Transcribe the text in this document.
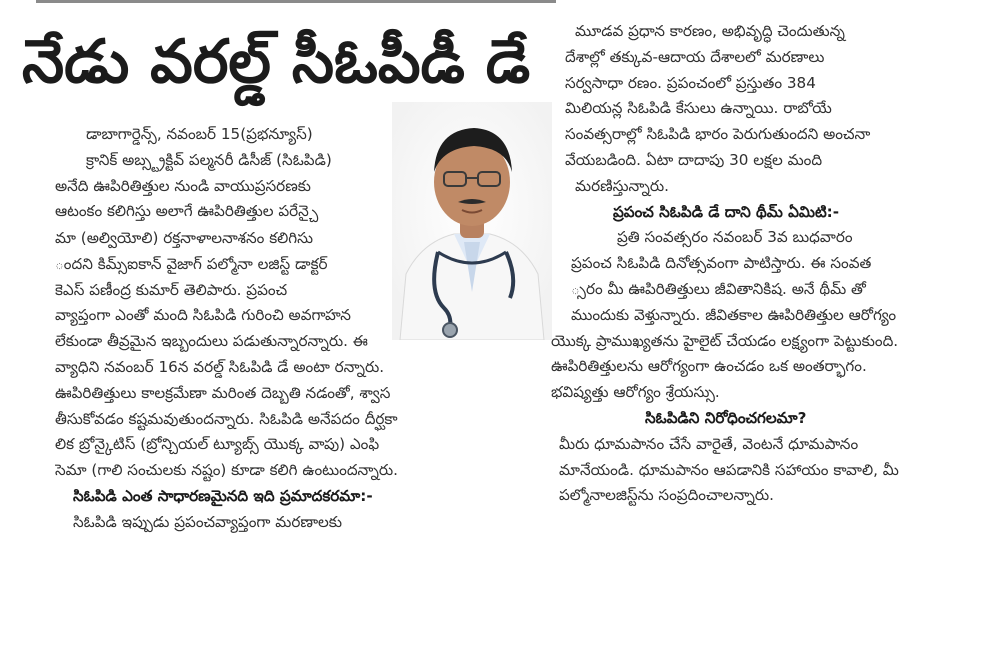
నేడు వరల్డ్ సీఓపీడీ డే
డాబాగార్డెన్స్, నవంబర్ 15(ప్రభన్యూస్)
క్రానిక్ అబ్స్ట్రక్టివ్ పల్మనరీ డిసీజ్ (సిఓపిడి)
అనేది ఊపిరితిత్తుల నుండి వాయుప్రసరణకు
ఆటంకం కలిగిస్తు అలాగే ఊపిరితిత్తుల పరేన్చై
మా (అల్వియోలి) రక్తనాళాలనాశనం కలిగిసు
ందని కిమ్స్ఐకాన్ వైజాగ్ పల్మోనా లజిస్ట్ డాక్టర్
కెఎస్ పణీంద్ర కుమార్ తెలిపారు. ప్రపంచ
వ్యాప్తంగా ఎంతో మంది సిఓపిడి గురించి అవగాహన
లేకుండా తీవ్రమైన ఇబ్బందులు పడుతున్నారన్నారు. ఈ
వ్యాధిని నవంబర్ 16న వరల్డ్ సిఓపిడి డే అంటా రన్నారు.
ఊపిరితిత్తులు కాలక్రమేణా మరింత దెబ్బతి నడంతో, శ్వాస
తీసుకోవడం కష్టమవుతుందన్నారు. సిఓపిడి అనేపదం దీర్ఘకా
లిక బ్రోన్కైటిస్ (బ్రోన్చియల్ ట్యూబ్స్ యొక్క వాపు) ఎంఫి
సెమా (గాలి సంచులకు నష్టం) కూడా కలిగి ఉంటుందన్నారు.
సిఓపిడి ఎంత సాధారణమైనది ఇది ప్రమాదకరమా:-
సిఓపిడి ఇప్పుడు ప్రపంచవ్యాప్తంగా మరణాలకు
మూడవ ప్రధాన కారణం, అభివృద్ధి చెందుతున్న
దేశాల్లో తక్కువ-ఆదాయ దేశాలలో మరణాలు
సర్వసాధా రణం. ప్రపంచంలో ప్రస్తుతం 384
మిలియన్ల సిఓపిడి కేసులు ఉన్నాయి. రాబోయే
సంవత్సరాల్లో సిఓపిడి భారం పెరుగుతుందని అంచనా
వేయబడింది. ఏటా దాదాపు 30 లక్షల మంది
మరణిస్తున్నారు.
ప్రపంచ సిఓపిడి డే దాని థీమ్ ఏమిటి:-
ప్రతి సంవత్సరం నవంబర్ 3వ బుధవారం
ప్రపంచ సిఓపిడి దినోత్సవంగా పాటిస్తారు. ఈ సంవత
్సరం మీ ఊపిరితిత్తులు జీవితానికిష. అనే థీమ్ తో
ముందుకు వెళ్తున్నారు. జీవితకాల ఊపిరితిత్తుల ఆరోగ్యం
యొక్క ప్రాముఖ్యతను హైలైట్ చేయడం లక్ష్యంగా పెట్టుకుంది.
ఊపిరితిత్తులను ఆరోగ్యంగా ఉంచడం ఒక అంతర్భాగం.
భవిష్యత్తు ఆరోగ్యం శ్రేయస్సు.
సిఓపిడిని నిరోధించగలమా?
మీరు ధూమపానం చేసే వారైతే, వెంటనే ధూమపానం
మానేయండి. ధూమపానం ఆపడానికి సహాయం కావాలి, మీ
పల్మోనాలజిస్ట్‌ను సంప్రదించాలన్నారు.
